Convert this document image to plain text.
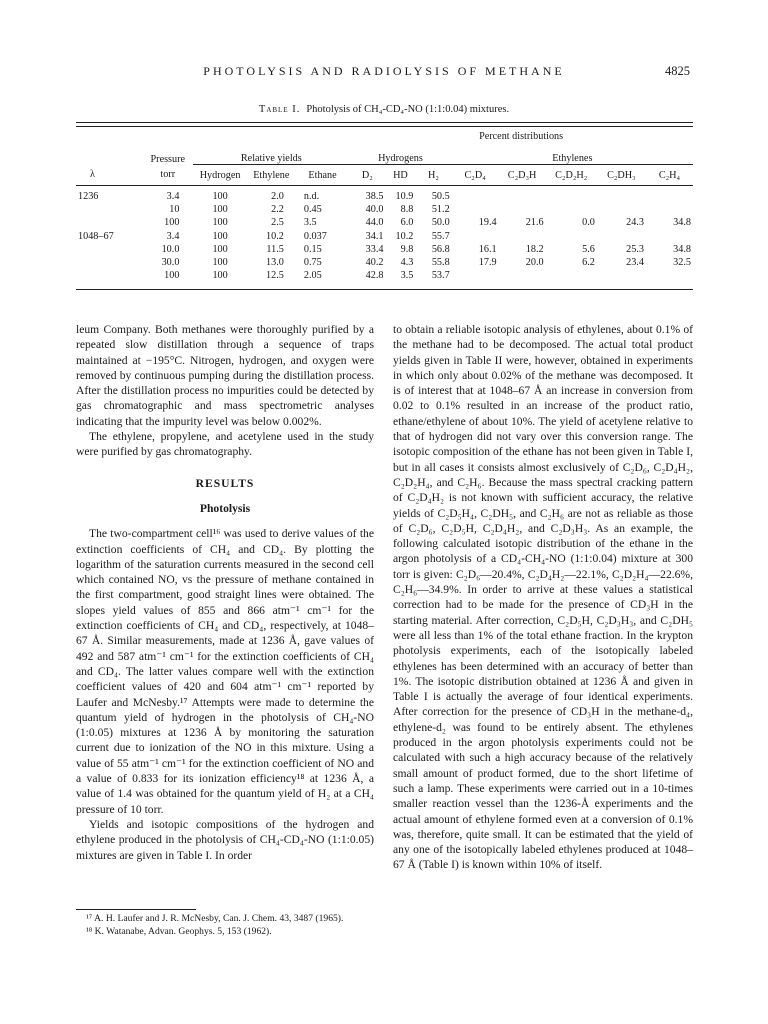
PHOTOLYSIS AND RADIOLYSIS OF METHANE	4825
Table I. Photolysis of CH₄-CD₄-NO (1:1:0.04) mixtures.

					Percent distributions							
	Pressure	Relative yields			Hydrogens			Ethylenes				
λ	torr	Hydrogen	Ethylene	Ethane	D₂	HD	H₂	C₂D₄	C₂D₃H	C₂D₂H₂	C₂DH₃	C₂H₄
1236	3.4	100	2.0	n.d.	38.5	10.9	50.5					
	10	100	2.2	0.45	40.0	8.8	51.2					
	100	100	2.5	3.5	44.0	6.0	50.0	19.4	21.6	0.0	24.3	34.8
1048–67	3.4	100	10.2	0.037	34.1	10.2	55.7					
	10.0	100	11.5	0.15	33.4	9.8	56.8	16.1	18.2	5.6	25.3	34.8
	30.0	100	13.0	0.75	40.2	4.3	55.8	17.9	20.0	6.2	23.4	32.5
	100	100	12.5	2.05	42.8	3.5	53.7					

leum Company. Both methanes were thoroughly purified by a repeated slow distillation through a sequence of traps maintained at −195°C. Nitrogen, hydrogen, and oxygen were removed by continuous pumping during the distillation process. After the distillation process no impurities could be detected by gas chromatographic and mass spectrometric analyses indicating that the impurity level was below 0.002%.

The ethylene, propylene, and acetylene used in the study were purified by gas chromatography.

RESULTS

Photolysis

The two-compartment cell¹⁶ was used to derive values of the extinction coefficients of CH₄ and CD₄. By plotting the logarithm of the saturation currents measured in the second cell which contained NO, vs the pressure of methane contained in the first compartment, good straight lines were obtained. The slopes yield values of 855 and 866 atm⁻¹ cm⁻¹ for the extinction coefficients of CH₄ and CD₄, respectively, at 1048–67 Å. Similar measurements, made at 1236 Å, gave values of 492 and 587 atm⁻¹ cm⁻¹ for the extinction coefficients of CH₄ and CD₄. The latter values compare well with the extinction coefficient values of 420 and 604 atm⁻¹ cm⁻¹ reported by Laufer and McNesby.¹⁷ Attempts were made to determine the quantum yield of hydrogen in the photolysis of CH₄-NO (1:0.05) mixtures at 1236 Å by monitoring the saturation current due to ionization of the NO in this mixture. Using a value of 55 atm⁻¹ cm⁻¹ for the extinction coefficient of NO and a value of 0.833 for its ionization efficiency¹⁸ at 1236 Å, a value of 1.4 was obtained for the quantum yield of H₂ at a CH₄ pressure of 10 torr.

Yields and isotopic compositions of the hydrogen and ethylene produced in the photolysis of CH₄-CD₄-NO (1:1:0.05) mixtures are given in Table I. In order

¹⁷ A. H. Laufer and J. R. McNesby, Can. J. Chem. 43, 3487 (1965).

¹⁸ K. Watanabe, Advan. Geophys. 5, 153 (1962).

to obtain a reliable isotopic analysis of ethylenes, about 0.1% of the methane had to be decomposed. The actual total product yields given in Table II were, however, obtained in experiments in which only about 0.02% of the methane was decomposed. It is of interest that at 1048–67 Å an increase in conversion from 0.02 to 0.1% resulted in an increase of the product ratio, ethane/ethylene of about 10%. The yield of acetylene relative to that of hydrogen did not vary over this conversion range. The isotopic composition of the ethane has not been given in Table I, but in all cases it consists almost exclusively of C₂D₆, C₂D₄H₂, C₂D₂H₄, and C₂H₆. Because the mass spectral cracking pattern of C₂D₄H₂ is not known with sufficient accuracy, the relative yields of C₂D₅H₄, C₂DH₅, and C₂H₆ are not as reliable as those of C₂D₆, C₂D₅H, C₂D₄H₂, and C₂D₃H₃. As an example, the following calculated isotopic distribution of the ethane in the argon photolysis of a CD₄-CH₄-NO (1:1:0.04) mixture at 300 torr is given: C₂D₆—20.4%, C₂D₄H₂—22.1%, C₂D₂H₄—22.6%, C₂H₆—34.9%. In order to arrive at these values a statistical correction had to be made for the presence of CD₃H in the starting material. After correction, C₂D₅H, C₂D₃H₃, and C₂DH₅ were all less than 1% of the total ethane fraction. In the krypton photolysis experiments, each of the isotopically labeled ethylenes has been determined with an accuracy of better than 1%. The isotopic distribution obtained at 1236 Å and given in Table I is actually the average of four identical experiments. After correction for the presence of CD₃H in the methane-d₄, ethylene-d₂ was found to be entirely absent. The ethylenes produced in the argon photolysis experiments could not be calculated with such a high accuracy because of the relatively small amount of product formed, due to the short lifetime of such a lamp. These experiments were carried out in a 10-times smaller reaction vessel than the 1236-Å experiments and the actual amount of ethylene formed even at a conversion of 0.1% was, therefore, quite small. It can be estimated that the yield of any one of the isotopically labeled ethylenes produced at 1048–67 Å (Table I) is known within 10% of itself.
